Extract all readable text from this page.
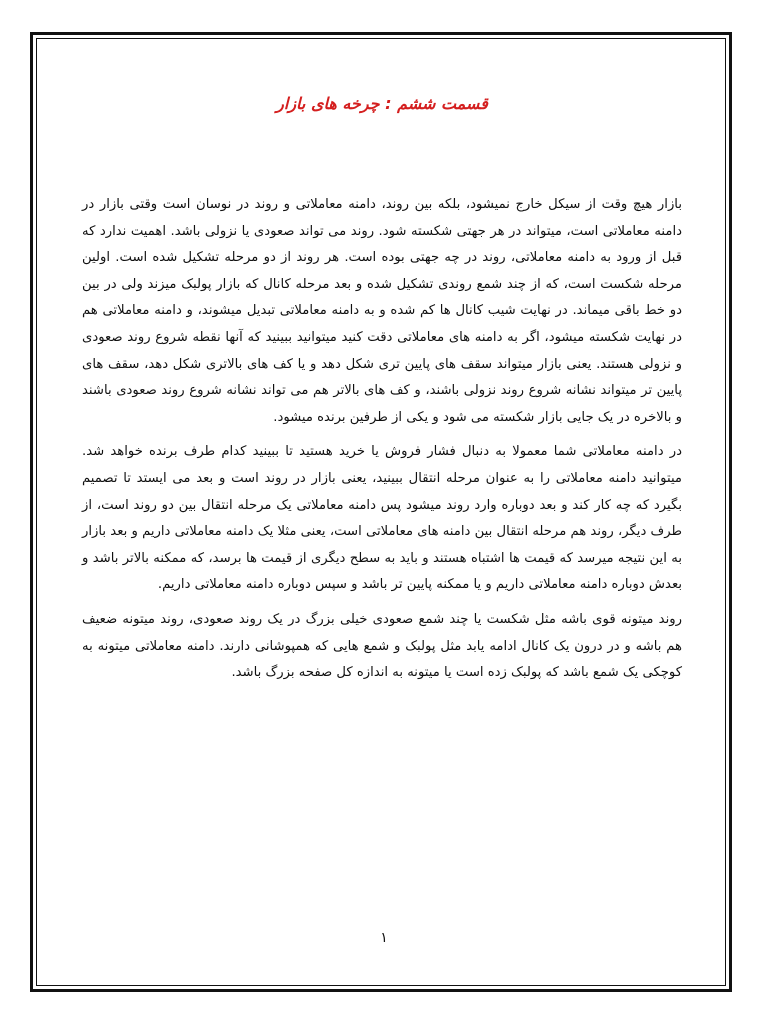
قسمت ششم : چرخه های بازار

بازار هیچ وقت از سیکل خارج نمیشود، بلکه بین روند، دامنه معاملاتی و روند در نوسان است وقتی بازار در دامنه معاملاتی است، میتواند در هر جهتی شکسته شود. روند می تواند صعودی یا نزولی باشد. اهمیت ندارد که قبل از ورود به دامنه معاملاتی، روند در چه جهتی بوده است. هر روند از دو مرحله تشکیل شده است. اولین مرحله شکست است، که از چند شمع روندی تشکیل شده و بعد مرحله کانال که بازار پولبک میزند ولی در بین دو خط باقی میماند. در نهایت شیب کانال ها کم شده و به دامنه معاملاتی تبدیل میشوند، و دامنه معاملاتی هم در نهایت شکسته میشود، اگر به دامنه های معاملاتی دقت کنید میتوانید ببینید که آنها نقطه شروع روند صعودی و نزولی هستند. یعنی بازار میتواند سقف های پایین تری شکل دهد و یا کف های بالاتری شکل دهد، سقف های پایین تر میتواند نشانه شروع روند نزولی باشند، و کف های بالاتر هم می تواند نشانه شروع روند صعودی باشند و بالاخره در یک جایی بازار شکسته می شود و یکی از طرفین برنده میشود.

در دامنه معاملاتی شما معمولا به دنبال فشار فروش یا خرید هستید تا ببینید کدام طرف برنده خواهد شد. میتوانید دامنه معاملاتی را به عنوان مرحله انتقال ببینید، یعنی بازار در روند است و بعد می ایستد تا تصمیم بگیرد که چه کار کند و بعد دوباره وارد روند میشود پس دامنه معاملاتی یک مرحله انتقال بین دو روند است، از طرف دیگر، روند هم مرحله انتقال بین دامنه های معاملاتی است، یعنی مثلا یک دامنه معاملاتی داریم و بعد بازار به این نتیجه میرسد که قیمت ها اشتباه هستند و باید به سطح دیگری از قیمت ها برسد، که ممکنه بالاتر باشد و بعدش دوباره دامنه معاملاتی داریم و یا ممکنه پایین تر باشد و سپس دوباره دامنه معاملاتی داریم.

روند میتونه قوی باشه مثل شکست یا چند شمع صعودی خیلی بزرگ در یک روند صعودی، روند میتونه ضعیف هم باشه و در درون یک کانال ادامه یابد مثل پولبک و شمع هایی که همپوشانی دارند. دامنه معاملاتی میتونه به کوچکی یک شمع باشد که پولبک زده است یا میتونه به اندازه کل صفحه بزرگ باشد.

۱
